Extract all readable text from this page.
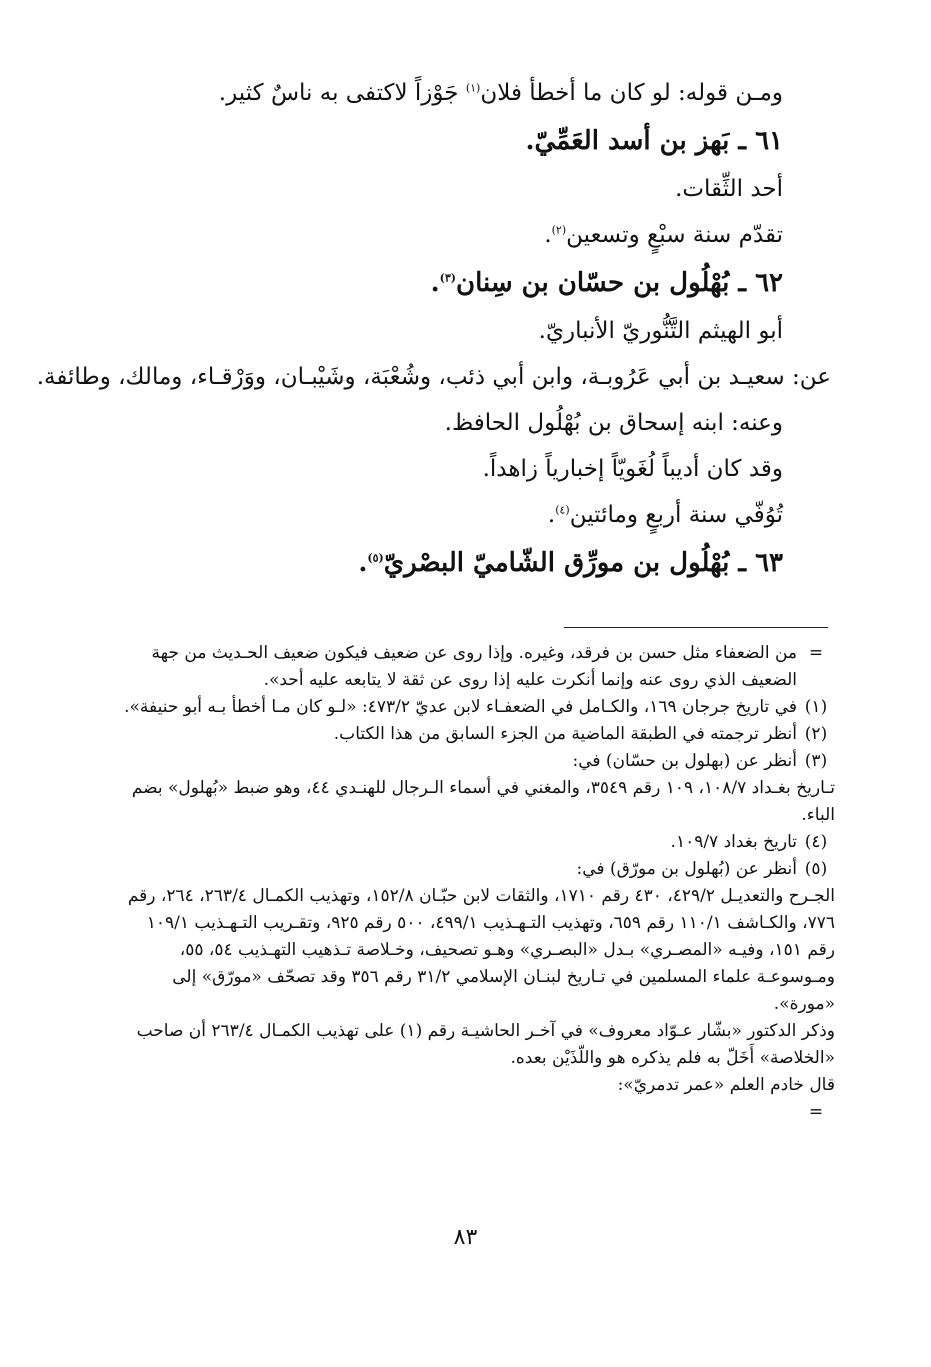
ومـن قوله: لو كان ما أخطأ فلان$^{(١)}$ جَوْزاً لاكتفى به ناسٌ كثير.

٦١ ـ بَهز بن أسد العَمِّيّ.

أحد الثِّقات.

تقدّم سنة سبْعٍ وتسعين$^{(٢)}$.

٦٢ ـ بُهْلُول بن حسّان بن سِنان$^{(٣)}$.

أبو الهيثم التَّنُّوريّ الأنباريّ.

عن: سعيـد بن أبي عَرُوبـة، وابن أبي ذئب، وشُعْبَة، وشَيْبـان، ووَرْقـاء، ومالك، وطائفة.

وعنه: ابنه إسحاق بن بُهْلُول الحافظ.

وقد كان أديباً لُغَويّاً إخبارياً زاهداً.

تُوُفّي سنة أربعٍ ومائتين$^{(٤)}$.

٦٣ ـ بُهْلُول بن مورِّق الشّاميّ البصْريّ$^{(٥)}$.
=
من الضعفاء مثل حسن بن فرقد، وغيره. وإذا روى عن ضعيف فيكون ضعيف الحـديث من جهة الضعيف الذي روى عنه وإنما أنكرت عليه إذا روى عن ثقة لا يتابعه عليه أحد».
(١)
في تاريخ جرجان ١٦٩، والكـامل في الضعفـاء لابن عديّ ٤٧٣/٢: «لـو كان مـا أخطأ بـه أبو حنيفة».
(٢)
أنظر ترجمته في الطبقة الماضية من الجزء السابق من هذا الكتاب.
(٣)
أنظر عن (بهلول بن حسّان) في:

تـاريخ بغـداد ١٠٨/٧، ١٠٩ رقم ٣٥٤٩، والمغني في أسماء الـرجال للهنـدي ٤٤، وهو ضبط «بُهلول» بضم الباء.

(٤)
تاريخ بغداد ١٠٩/٧.
(٥)
أنظر عن (بُهلول بن مورّق) في:

الجـرح والتعديـل ٤٢٩/٢، ٤٣٠ رقم ١٧١٠، والثقات لابن حبّـان ١٥٢/٨، وتهذيب الكمـال ٢٦٣/٤، ٢٦٤، رقم ٧٧٦، والكـاشف ١١٠/١ رقم ٦٥٩، وتهذيب التـهـذيب ٤٩٩/١، ٥٠٠ رقم ٩٢٥، وتقـريب التـهـذيب ١٠٩/١ رقم ١٥١، وفيـه «المصـري» بـدل «البصـري» وهـو تصحيف، وخـلاصة تـذهيب التهـذيب ٥٤، ٥٥، ومـوسوعـة علماء المسلمين في تـاريخ لبنـان الإسلامي ٣١/٢ رقم ٣٥٦ وقد تصحّف «مورّق» إلى «مورة».

وذكر الدكتور «بشّار عـوّاد معروف» في آخـر الحاشيـة رقم (١) على تهذيب الكمـال ٢٦٣/٤ أن صاحب «الخلاصة» أَخَلّ به فلم يذكره هو واللّذَيْن بعده.

قال خادم العلم «عمر تدمريّ»:

=
٨٣
